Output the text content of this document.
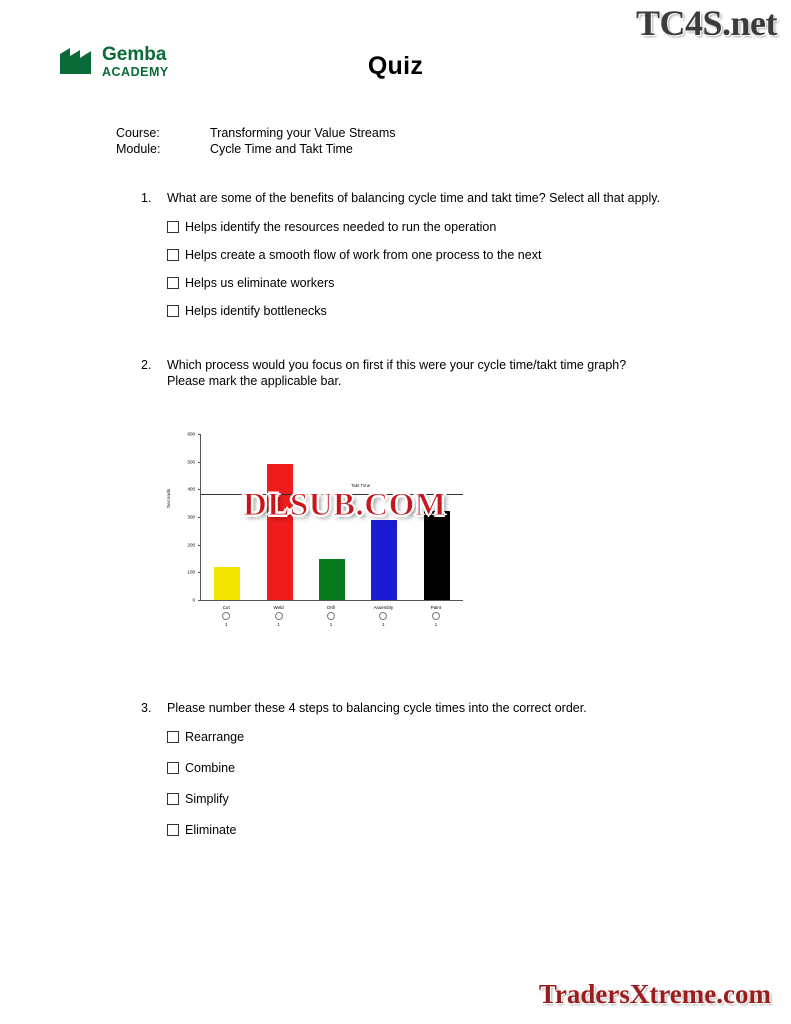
TC4S.net
Gemba
ACADEMY	Quiz
Course:	Transforming your Value Streams
Module:	Cycle Time and Takt Time
1.	What are some of the benefits of balancing cycle time and takt time? Select all that apply.
Helps identify the resources needed to run the operation
Helps create a smooth flow of work from one process to the next
Helps us eliminate workers
Helps identify bottlenecks
2.	Which process would you focus on first if this were your cycle time/takt time graph?
Please mark the applicable bar.
Seconds
Takt Time
0
100
200
300
400
500
600
Cut
1
Weld
1
Drill
1
Assembly
1
Paint
1
3.	Please number these 4 steps to balancing cycle times into the correct order.
Rearrange
Combine
Simplify
Eliminate
DLSUB.COM
TradersXtreme.com
